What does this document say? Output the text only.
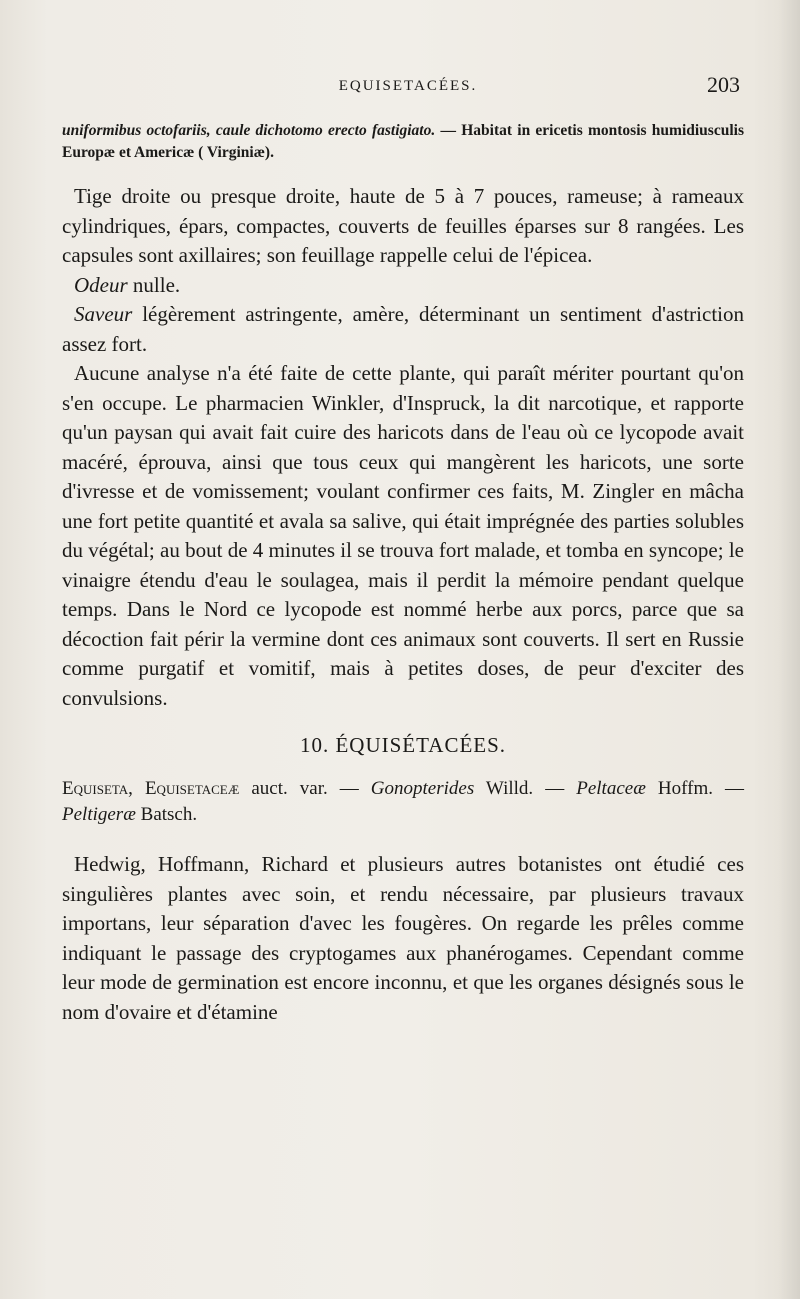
EQUISETACÉES.	203

uniformibus octofariis, caule dichotomo erecto fastigiato. — Habitat in ericetis montosis humidiusculis Europæ et Americæ ( Virginiæ).

Tige droite ou presque droite, haute de 5 à 7 pouces, rameuse; à rameaux cylindriques, épars, compactes, couverts de feuilles éparses sur 8 rangées. Les capsules sont axillaires; son feuillage rappelle celui de l'épicea.

Odeur nulle.

Saveur légèrement astringente, amère, déterminant un sentiment d'astriction assez fort.

Aucune analyse n'a été faite de cette plante, qui paraît mériter pourtant qu'on s'en occupe. Le pharmacien Winkler, d'Inspruck, la dit narcotique, et rapporte qu'un paysan qui avait fait cuire des haricots dans de l'eau où ce lycopode avait macéré, éprouva, ainsi que tous ceux qui mangèrent les haricots, une sorte d'ivresse et de vomissement; voulant confirmer ces faits, M. Zingler en mâcha une fort petite quantité et avala sa salive, qui était imprégnée des parties solubles du végétal; au bout de 4 minutes il se trouva fort malade, et tomba en syncope; le vinaigre étendu d'eau le soulagea, mais il perdit la mémoire pendant quelque temps. Dans le Nord ce lycopode est nommé herbe aux porcs, parce que sa décoction fait périr la vermine dont ces animaux sont couverts. Il sert en Russie comme purgatif et vomitif, mais à petites doses, de peur d'exciter des convulsions.

10. ÉQUISÉTACÉES.

Equiseta, Equisetaceæ auct. var. — Gonopterides Willd. — Peltaceæ Hoffm. — Peltigeræ Batsch.

Hedwig, Hoffmann, Richard et plusieurs autres botanistes ont étudié ces singulières plantes avec soin, et rendu nécessaire, par plusieurs travaux importans, leur séparation d'avec les fougères. On regarde les prêles comme indiquant le passage des cryptogames aux phanérogames. Cependant comme leur mode de germination est encore inconnu, et que les organes désignés sous le nom d'ovaire et d'étamine
